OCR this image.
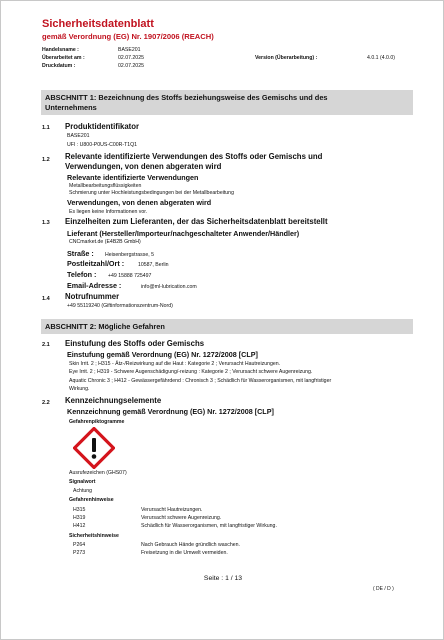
Sicherheitsdatenblatt
gemäß Verordnung (EG) Nr. 1907/2006 (REACH)
Handelsname :	BASE201
Überarbeitet am :	02.07.2025
Druckdatum :	02.07.2025
Version (Überarbeitung) :	4.0.1 (4.0.0)
ABSCHNITT 1: Bezeichnung des Stoffs beziehungsweise des Gemischs und des
Unternehmens
1.1 Produktidentifikator
BASE201
UFI : U800-P0US-C00R-T1Q1
1.2 Relevante identifizierte Verwendungen des Stoffs oder Gemischs und
Verwendungen, von denen abgeraten wird
Relevante identifizierte Verwendungen
Metallbearbeitungsflüssigkeiten
Schmierung unter Hochleistungsbedingungen bei der Metallbearbeitung
Verwendungen, von denen abgeraten wird
Es liegen keine Informationen vor.
1.3 Einzelheiten zum Lieferanten, der das Sicherheitsdatenblatt bereitstellt
Lieferant (Hersteller/Importeur/nachgeschalteter Anwender/Händler)
CNCmarket.de (E4B2B GmbH)
Straße : Heisenbergstrasse, 5
Postleitzahl/Ort :	10587, Berlin
Telefon : +49 15888 725497
Email-Adresse :	info@ml-lubrication.com
1.4 Notrufnummer
+49 55119240 (Giftinformationszentrum-Nord)
ABSCHNITT 2: Mögliche Gefahren
2.1 Einstufung des Stoffs oder Gemischs
Einstufung gemäß Verordnung (EG) Nr. 1272/2008 [CLP]
Skin Irrit. 2 ; H315 - Ätz-/Reizwirkung auf die Haut : Kategorie 2 ; Verursacht Hautreizungen.
Eye Irrit. 2 ; H319 - Schwere Augenschädigung/-reizung : Kategorie 2 ; Verursacht schwere Augenreizung.
Aquatic Chronic 3 ; H412 - Gewässergefährdend : Chronisch 3 ; Schädlich für Wasserorganismen, mit langfristiger
Wirkung.
2.2 Kennzeichnungselemente
Kennzeichnung gemäß Verordnung (EG) Nr. 1272/2008 [CLP]
Gefahrenpiktogramme
Ausrufezeichen (GHS07)
Signalwort
Achtung
Gefahrenhinweise
H315	Verursacht Hautreizungen.
H319	Verursacht schwere Augenreizung.
H412	Schädlich für Wasserorganismen, mit langfristiger Wirkung.
Sicherheitshinweise
P264	Nach Gebrauch Hände gründlich waschen.
P273	Freisetzung in die Umwelt vermeiden.
Seite : 1 / 13
( DE / D )
